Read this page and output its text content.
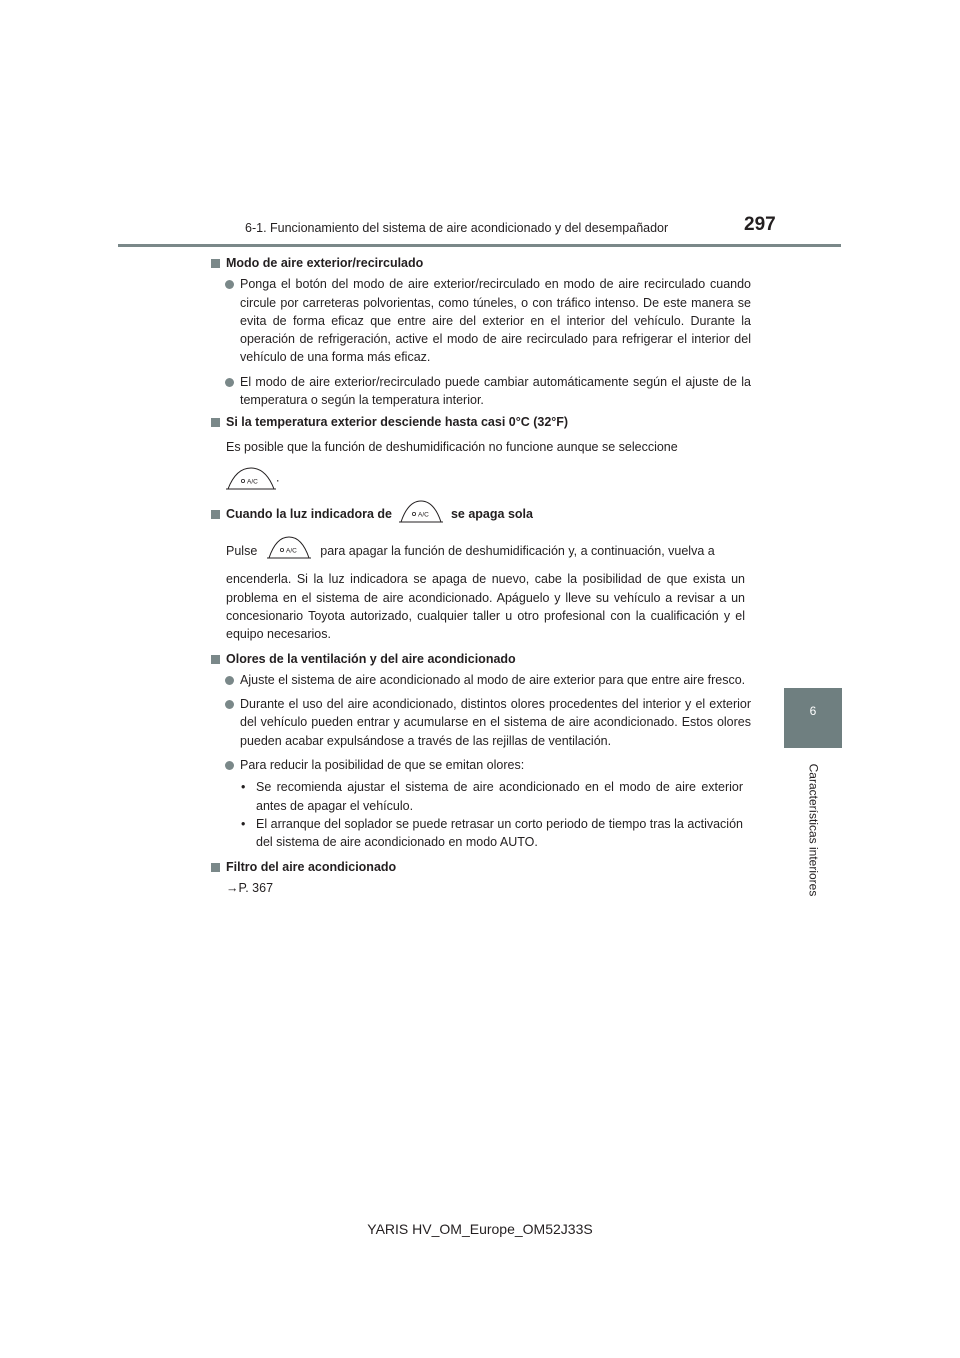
6-1. Funcionamiento del sistema de aire acondicionado y del desempañador	297
6
Características interiores
Modo de aire exterior/recirculado
Ponga el botón del modo de aire exterior/recirculado en modo de aire recirculado cuando circule por carreteras polvorientas, como túneles, o con tráfico intenso. De este manera se evita de forma eficaz que entre aire del exterior en el interior del vehículo. Durante la operación de refrigeración, active el modo de aire recirculado para refrigerar el interior del vehículo de una forma más eficaz.
El modo de aire exterior/recirculado puede cambiar automáticamente según el ajuste de la temperatura o según la temperatura interior.
Si la temperatura exterior desciende hasta casi 0°C (32°F)
Es posible que la función de deshumidificación no funcione aunque se seleccione
A/C .
Cuando la luz indicadora de	A/C se apaga sola
Pulse	A/C para apagar la función de deshumidificación y, a continuación, vuelva a
encenderla. Si la luz indicadora se apaga de nuevo, cabe la posibilidad de que exista un problema en el sistema de aire acondicionado. Apáguelo y lleve su vehículo a revisar a un concesionario Toyota autorizado, cualquier taller u otro profesional con la cualificación y el equipo necesarios.
Olores de la ventilación y del aire acondicionado
Ajuste el sistema de aire acondicionado al modo de aire exterior para que entre aire fresco.
Durante el uso del aire acondicionado, distintos olores procedentes del interior y el exterior del vehículo pueden entrar y acumularse en el sistema de aire acondicionado. Estos olores pueden acabar expulsándose a través de las rejillas de ventilación.
Para reducir la posibilidad de que se emitan olores:
• Se recomienda ajustar el sistema de aire acondicionado en el modo de aire exterior antes de apagar el vehículo.
• El arranque del soplador se puede retrasar un corto periodo de tiempo tras la activación del sistema de aire acondicionado en modo AUTO.
Filtro del aire acondicionado
→P. 367
YARIS HV_OM_Europe_OM52J33S
